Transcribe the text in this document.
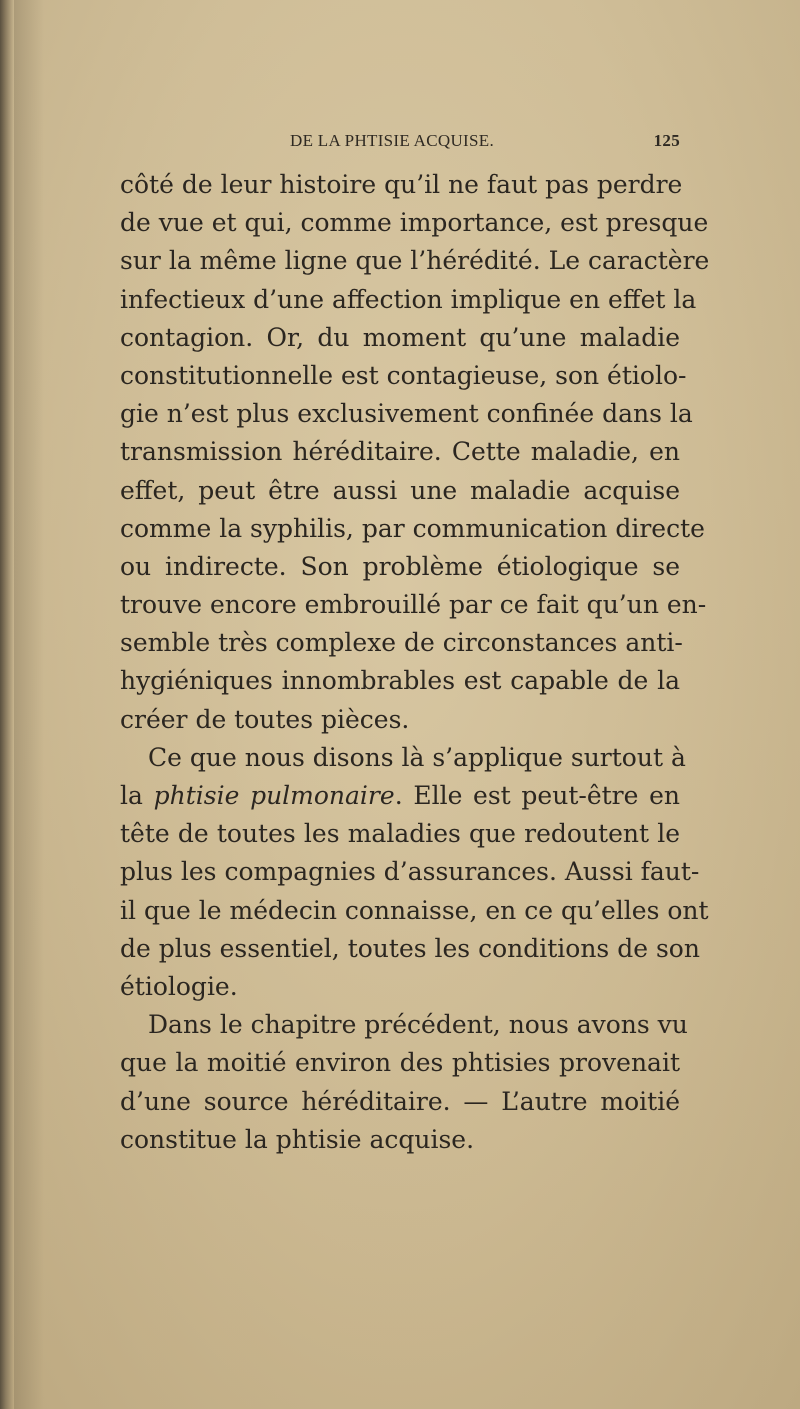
DE LA PHTISIE ACQUISE.	125
côté de leur histoire qu’il ne faut pas perdre
de vue et qui, comme importance, est presque
sur la même ligne que l’hérédité. Le caractère
infectieux d’une affection implique en effet la
contagion. Or, du moment qu’une maladie
constitutionnelle est contagieuse, son étiolo-
gie n’est plus exclusivement confinée dans la
transmission héréditaire. Cette maladie, en
effet, peut être aussi une maladie acquise
comme la syphilis, par communication directe
ou indirecte. Son problème étiologique se
trouve encore embrouillé par ce fait qu’un en-
semble très complexe de circonstances anti-
hygiéniques innombrables est capable de la
créer de toutes pièces.
Ce que nous disons là s’applique surtout à
la phtisie pulmonaire. Elle est peut-être en
tête de toutes les maladies que redoutent le
plus les compagnies d’assurances. Aussi faut-
il que le médecin connaisse, en ce qu’elles ont
de plus essentiel, toutes les conditions de son
étiologie.
Dans le chapitre précédent, nous avons vu
que la moitié environ des phtisies provenait
d’une source héréditaire. — L’autre moitié
constitue la phtisie acquise.
